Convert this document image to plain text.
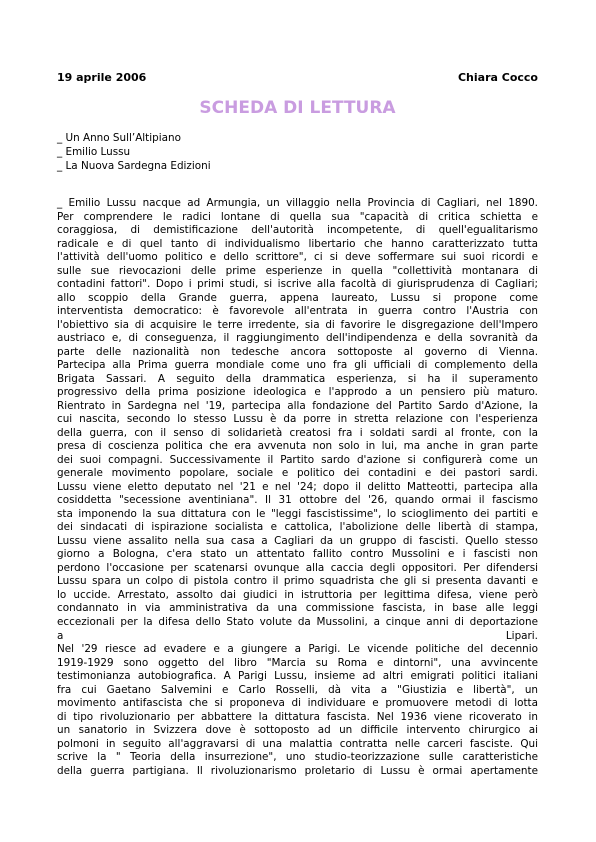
19 aprile 2006	Chiara Cocco
SCHEDA DI LETTURA
_ Un Anno Sull’Altipiano
_ Emilio Lussu
_ La Nuova Sardegna Edizioni

_ Emilio Lussu nacque ad Armungia, un villaggio nella Provincia di Cagliari, nel 1890.
Per comprendere le radici lontane di quella sua "capacità di critica schietta e
coraggiosa, di demistificazione dell'autorità incompetente, di quell'egualitarismo
radicale e di quel tanto di individualismo libertario che hanno caratterizzato tutta
l'attività dell'uomo politico e dello scrittore", ci si deve soffermare sui suoi ricordi e
sulle sue rievocazioni delle prime esperienze in quella "collettività montanara di
contadini fattori". Dopo i primi studi, si iscrive alla facoltà di giurisprudenza di Cagliari;
allo scoppio della Grande guerra, appena laureato, Lussu si propone come
interventista democratico: è favorevole all'entrata in guerra contro l'Austria con
l'obiettivo sia di acquisire le terre irredente, sia di favorire le disgregazione dell'Impero
austriaco e, di conseguenza, il raggiungimento dell'indipendenza e della sovranità da
parte delle nazionalità non tedesche ancora sottoposte al governo di Vienna.
Partecipa alla Prima guerra mondiale come uno fra gli ufficiali di complemento della
Brigata Sassari. A seguito della drammatica esperienza, si ha il superamento
progressivo della prima posizione ideologica e l'approdo a un pensiero più maturo.
Rientrato in Sardegna nel '19, partecipa alla fondazione del Partito Sardo d'Azione, la
cui nascita, secondo lo stesso Lussu è da porre in stretta relazione con l'esperienza
della guerra, con il senso di solidarietà creatosi fra i soldati sardi al fronte, con la
presa di coscienza politica che era avvenuta non solo in lui, ma anche in gran parte
dei suoi compagni. Successivamente il Partito sardo d'azione si configurerà come un
generale movimento popolare, sociale e politico dei contadini e dei pastori sardi.
Lussu viene eletto deputato nel '21 e nel '24; dopo il delitto Matteotti, partecipa alla
cosiddetta "secessione aventiniana". Il 31 ottobre del '26, quando ormai il fascismo
sta imponendo la sua dittatura con le "leggi fascistissime", lo scioglimento dei partiti e
dei sindacati di ispirazione socialista e cattolica, l'abolizione delle libertà di stampa,
Lussu viene assalito nella sua casa a Cagliari da un gruppo di fascisti. Quello stesso
giorno a Bologna, c'era stato un attentato fallito contro Mussolini e i fascisti non
perdono l'occasione per scatenarsi ovunque alla caccia degli oppositori. Per difendersi
Lussu spara un colpo di pistola contro il primo squadrista che gli si presenta davanti e
lo uccide. Arrestato, assolto dai giudici in istruttoria per legittima difesa, viene però
condannato in via amministrativa da una commissione fascista, in base alle leggi
eccezionali per la difesa dello Stato volute da Mussolini, a cinque anni di deportazione
a Lipari.

Nel '29 riesce ad evadere e a giungere a Parigi. Le vicende politiche del decennio
1919-1929 sono oggetto del libro "Marcia su Roma e dintorni", una avvincente
testimonianza autobiografica. A Parigi Lussu, insieme ad altri emigrati politici italiani
fra cui Gaetano Salvemini e Carlo Rosselli, dà vita a "Giustizia e libertà", un
movimento antifascista che si proponeva di individuare e promuovere metodi di lotta
di tipo rivoluzionario per abbattere la dittatura fascista. Nel 1936 viene ricoverato in
un sanatorio in Svizzera dove è sottoposto ad un difficile intervento chirurgico ai
polmoni in seguito all'aggravarsi di una malattia contratta nelle carceri fasciste. Qui
scrive la " Teoria della insurrezione", uno studio-teorizzazione sulle caratteristiche
della guerra partigiana. Il rivoluzionarismo proletario di Lussu è ormai apertamente
